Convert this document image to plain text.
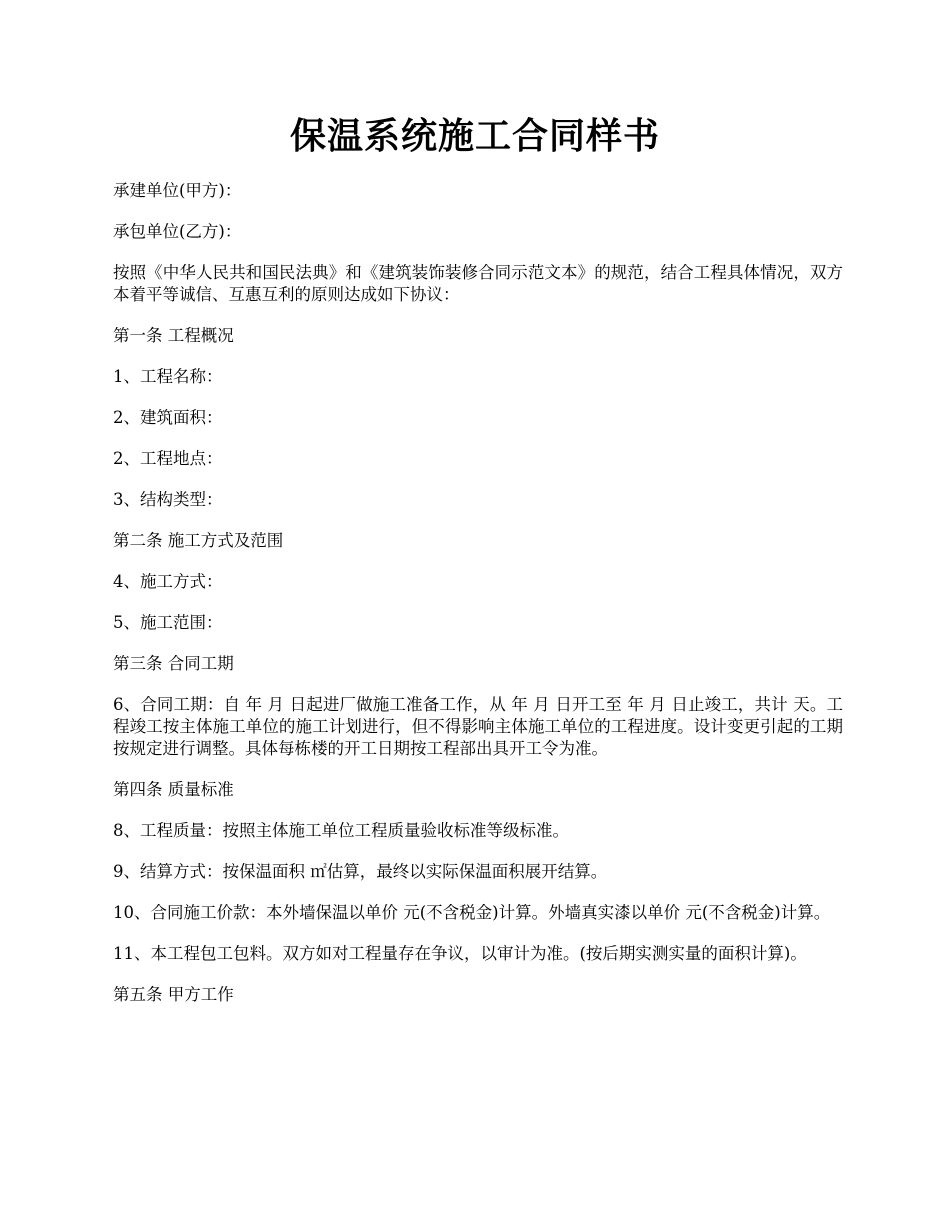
保温系统施工合同样书

承建单位(甲方)：

承包单位(乙方)：

按照《中华人民共和国民法典》和《建筑装饰装修合同示范文本》的规范，结合工程具体情况，双方本着平等诚信、互惠互利的原则达成如下协议：

第一条 工程概况

1、工程名称：

2、建筑面积：

2、工程地点：

3、结构类型：

第二条 施工方式及范围

4、施工方式：

5、施工范围：

第三条 合同工期

6、合同工期：自 年 月 日起进厂做施工准备工作，从 年 月 日开工至 年 月 日止竣工，共计 天。工程竣工按主体施工单位的施工计划进行，但不得影响主体施工单位的工程进度。设计变更引起的工期按规定进行调整。具体每栋楼的开工日期按工程部出具开工令为准。

第四条 质量标准

8、工程质量：按照主体施工单位工程质量验收标准等级标准。

9、结算方式：按保温面积 ㎡估算，最终以实际保温面积展开结算。

10、合同施工价款：本外墙保温以单价 元(不含税金)计算。外墙真实漆以单价 元(不含税金)计算。

11、本工程包工包料。双方如对工程量存在争议，以审计为准。(按后期实测实量的面积计算)。

第五条 甲方工作
